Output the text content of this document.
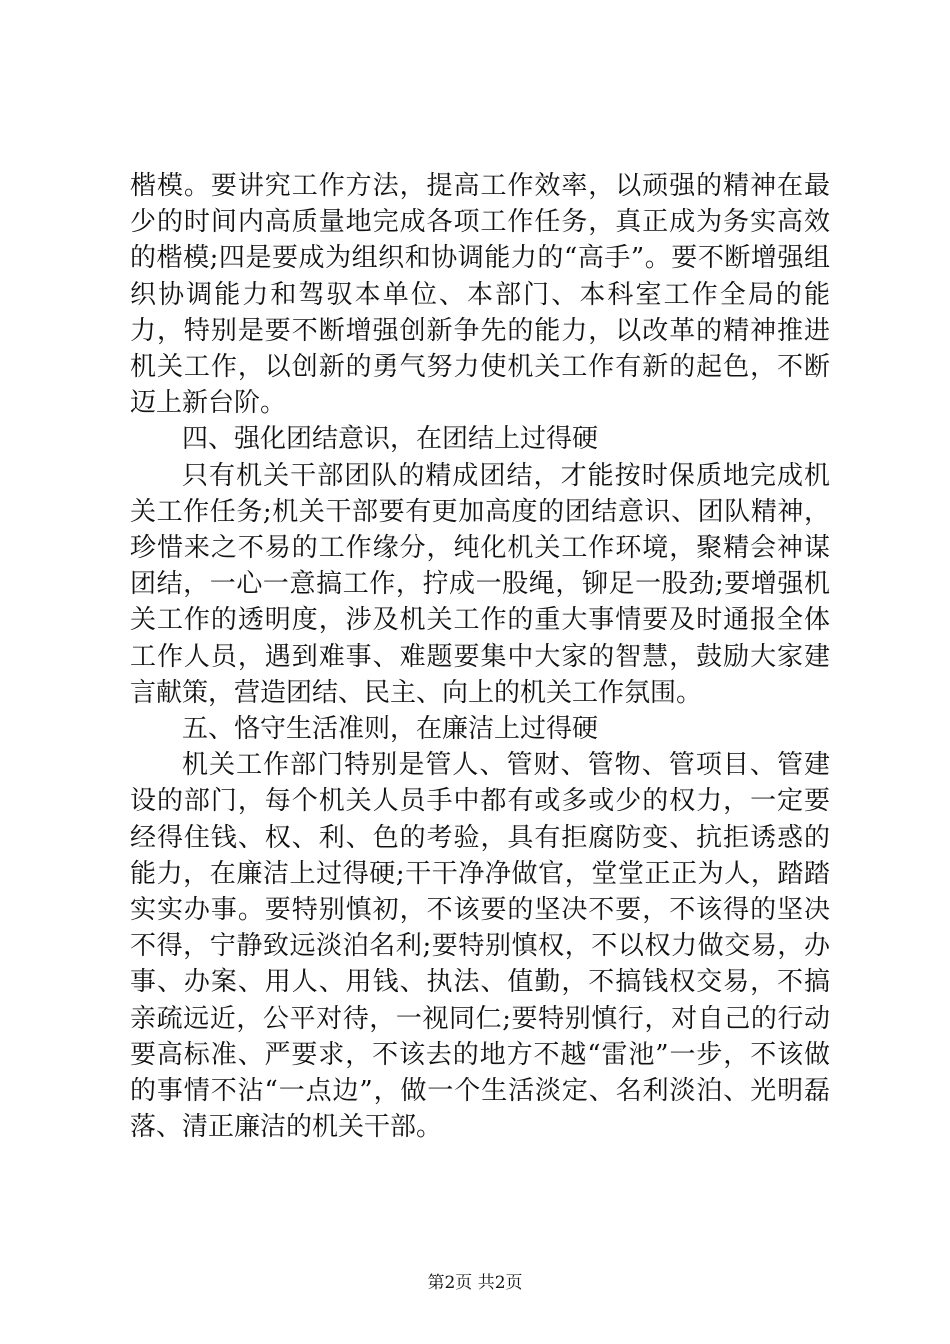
楷模。要讲究工作方法，提高工作效率，以顽强的精神在最少的时间内高质量地完成各项工作任务，真正成为务实高效的楷模;四是要成为组织和协调能力的“高手”。要不断增强组织协调能力和驾驭本单位、本部门、本科室工作全局的能力，特别是要不断增强创新争先的能力，以改革的精神推进机关工作，以创新的勇气努力使机关工作有新的起色，不断迈上新台阶。

四、强化团结意识，在团结上过得硬

只有机关干部团队的精成团结，才能按时保质地完成机关工作任务;机关干部要有更加高度的团结意识、团队精神，珍惜来之不易的工作缘分，纯化机关工作环境，聚精会神谋团结，一心一意搞工作，拧成一股绳，铆足一股劲;要增强机关工作的透明度，涉及机关工作的重大事情要及时通报全体工作人员，遇到难事、难题要集中大家的智慧，鼓励大家建言献策，营造团结、民主、向上的机关工作氛围。

五、恪守生活准则，在廉洁上过得硬

机关工作部门特别是管人、管财、管物、管项目、管建设的部门，每个机关人员手中都有或多或少的权力，一定要经得住钱、权、利、色的考验，具有拒腐防变、抗拒诱惑的能力，在廉洁上过得硬;干干净净做官，堂堂正正为人，踏踏实实办事。要特别慎初，不该要的坚决不要，不该得的坚决不得，宁静致远淡泊名利;要特别慎权，不以权力做交易，办事、办案、用人、用钱、执法、值勤，不搞钱权交易，不搞亲疏远近，公平对待，一视同仁;要特别慎行，对自己的行动要高标准、严要求，不该去的地方不越“雷池”一步，不该做的事情不沾“一点边”，做一个生活淡定、名利淡泊、光明磊落、清正廉洁的机关干部。

第2页 共2页
